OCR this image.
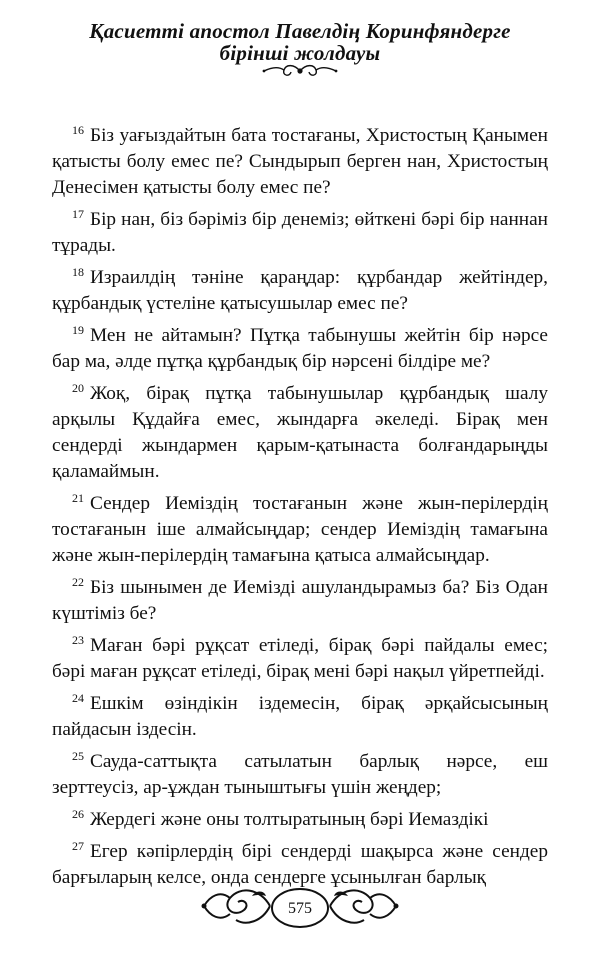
Қасиетті апостол Павелдің Коринфяндерге
бірінші жолдауы

$^{16}$ Біз уағыздайтын бата тостағаны, Христостың Қанымен қатысты болу емес пе? Сындырып берген нан, Христостың Денесімен қатысты болу емес пе?

$^{17}$ Бір нан, біз бәріміз бір денеміз; өйткені бәрі бір наннан тұрады.

$^{18}$ Израилдің тәніне қараңдар: құрбандар жейтіндер, құрбандық үстеліне қатысушылар емес пе?

$^{19}$ Мен не айтамын? Пұтқа табынушы жейтін бір нәрсе бар ма, әлде пұтқа құрбандық бір нәрсені білдіре ме?

$^{20}$ Жоқ, бірақ пұтқа табынушылар құрбандық шалу арқылы Құдайға емес, жындарға әкеледі. Бірақ мен сендерді жындармен қарым-қатынаста болғандарыңды қаламаймын.

$^{21}$ Сендер Иеміздің тостағанын және жын-перілердің тостағанын іше алмайсыңдар; сендер Иеміздің тамағына және жын-перілердің тамағына қатыса алмайсыңдар.

$^{22}$ Біз шынымен де Иемізді ашуландырамыз ба? Біз Одан күштіміз бе?

$^{23}$ Маған бәрі рұқсат етіледі, бірақ бәрі пайдалы емес; бәрі маған рұқсат етіледі, бірақ мені бәрі нақыл үйретпейді.

$^{24}$ Ешкім өзіндікін іздемесін, бірақ әрқайсысының пайдасын іздесін.

$^{25}$ Сауда-саттықта сатылатын барлық нәрсе, еш зерттеусіз, ар-ұждан тыныштығы үшін жеңдер;

$^{26}$ Жердегі және оны толтыратының бәрі Иемаздікі

$^{27}$ Егер кәпірлердің бірі сендерді шақырса және сендер барғыларың келсе, онда сендерге ұсынылған барлық

575
